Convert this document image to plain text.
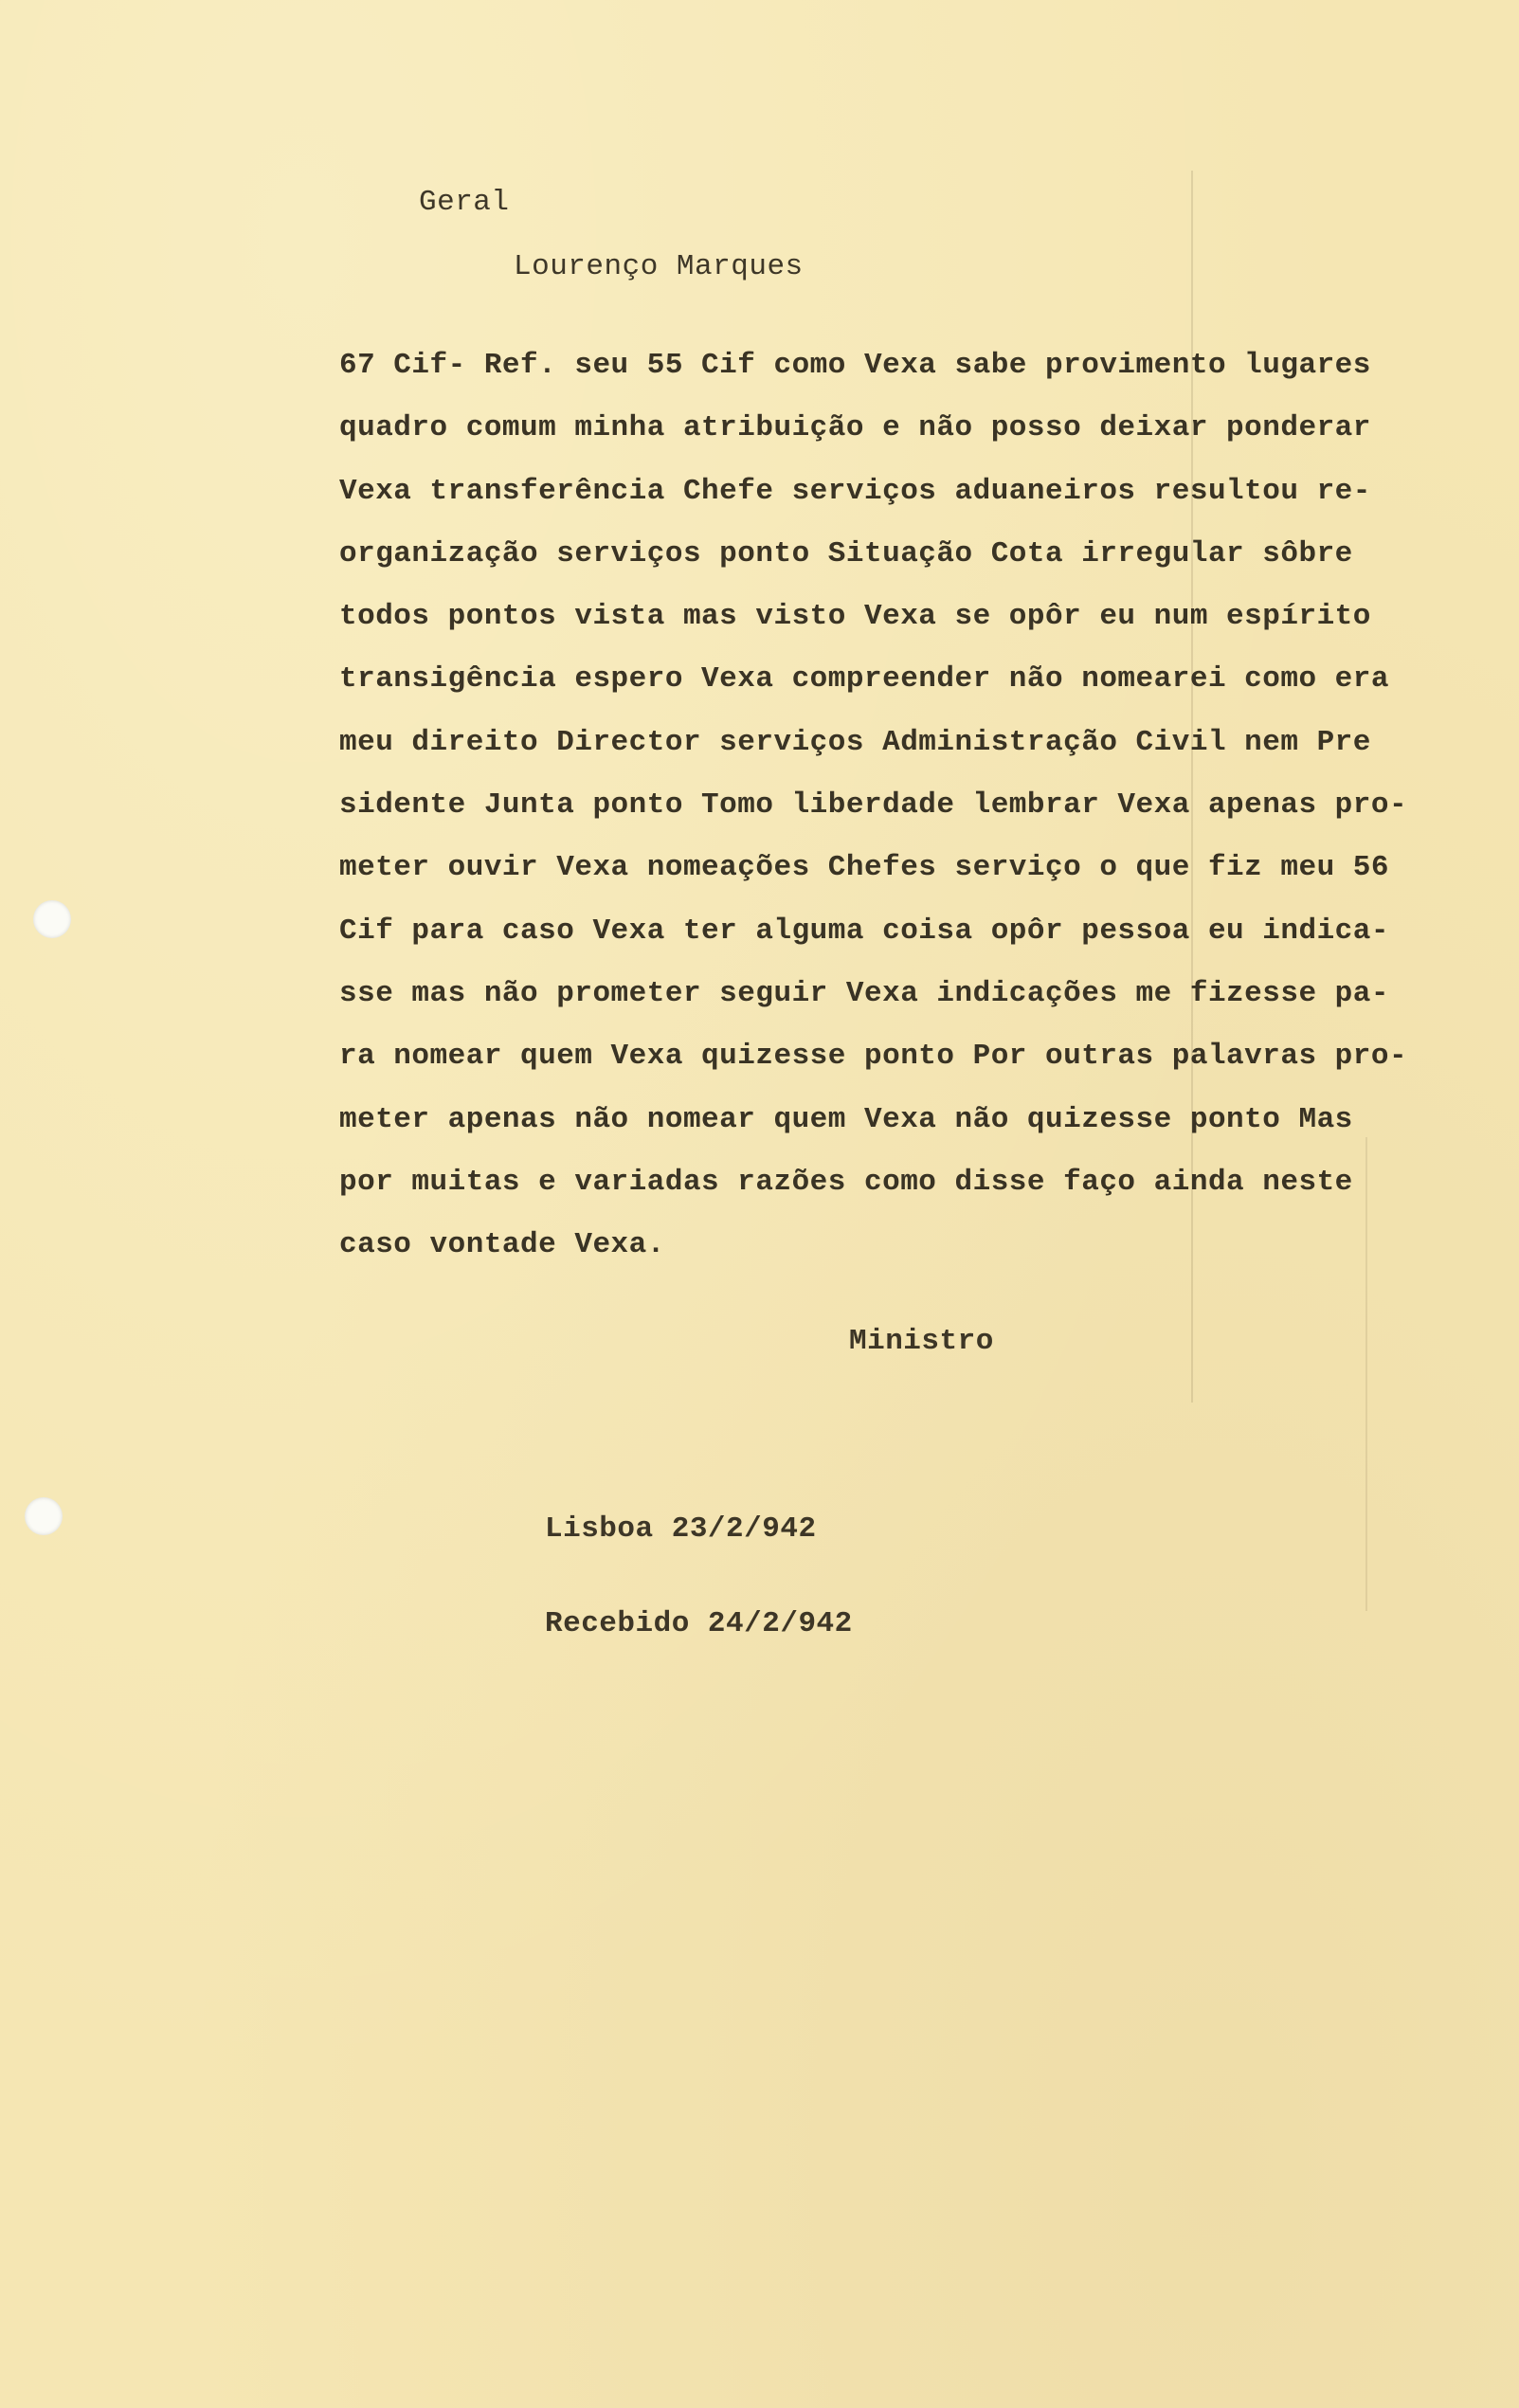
Geral
Lourenço Marques
67 Cif- Ref. seu 55 Cif como Vexa sabe provimento lugares
quadro comum minha atribuição e não posso deixar ponderar
Vexa transferência Chefe serviços aduaneiros resultou re-
organização serviços ponto Situação Cota irregular sôbre
todos pontos vista mas visto Vexa se opôr eu num espírito
transigência espero Vexa compreender não nomearei como era
meu direito Director serviços Administração Civil nem Pre
sidente Junta ponto Tomo liberdade lembrar Vexa apenas pro-
meter ouvir Vexa nomeações Chefes serviço o que fiz meu 56
Cif para caso Vexa ter alguma coisa opôr pessoa eu indica-
sse mas não prometer seguir Vexa indicações me fizesse pa-
ra nomear quem Vexa quizesse ponto Por outras palavras pro-
meter apenas não nomear quem Vexa não quizesse ponto Mas
por muitas e variadas razões como disse faço ainda neste
caso vontade Vexa.
Ministro
Lisboa 23/2/942
Recebido 24/2/942
